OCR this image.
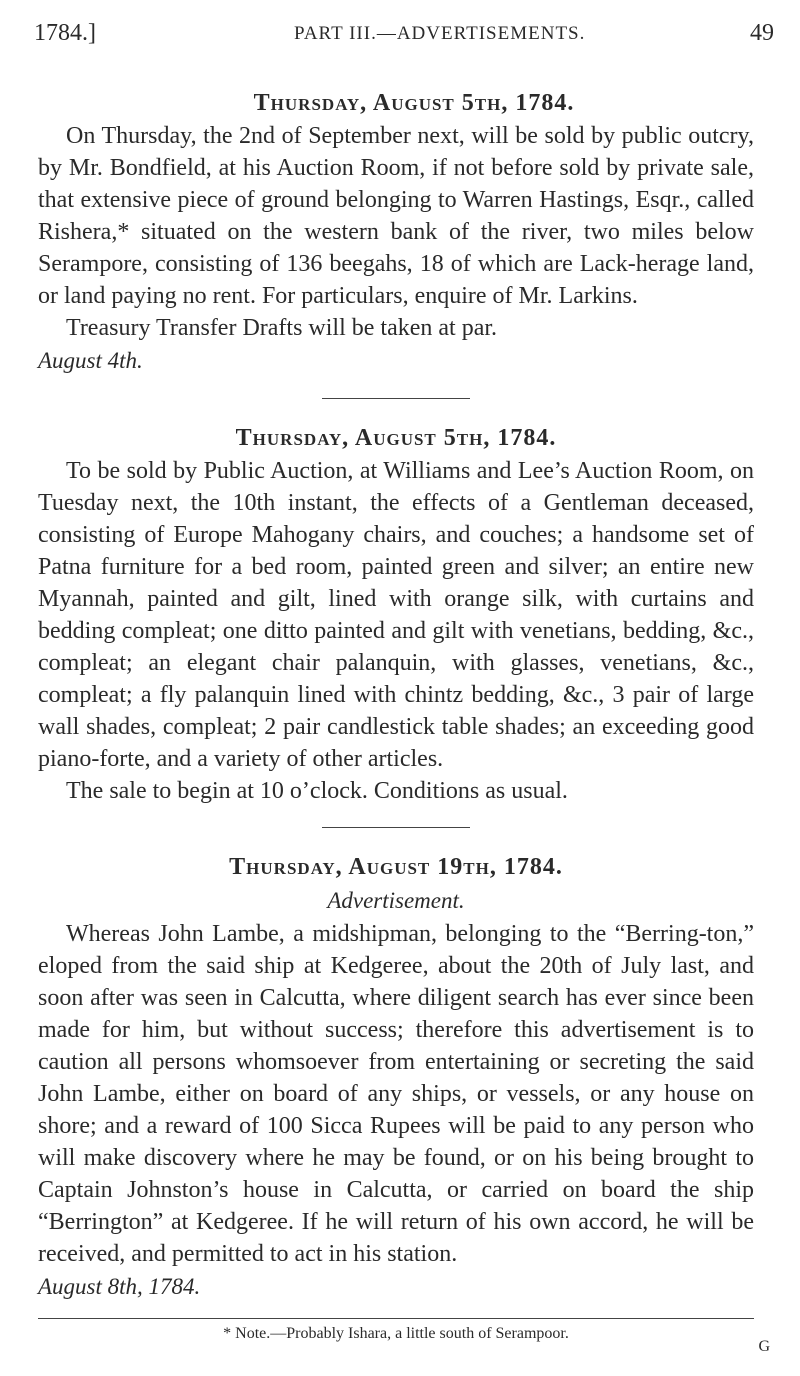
1784.]	PART III.—ADVERTISEMENTS.	49
Thursday, August 5th, 1784.

On Thursday, the 2nd of September next, will be sold by public outcry, by Mr. Bondfield, at his Auction Room, if not before sold by private sale, that extensive piece of ground belonging to Warren Hastings, Esqr., called Rishera,* situated on the western bank of the river, two miles below Serampore, consisting of 136 beegahs, 18 of which are Lack-herage land, or land paying no rent. For particulars, enquire of Mr. Larkins.

Treasury Transfer Drafts will be taken at par.

August 4th.
Thursday, August 5th, 1784.

To be sold by Public Auction, at Williams and Lee’s Auction Room, on Tuesday next, the 10th instant, the effects of a Gentleman deceased, consisting of Europe Mahogany chairs, and couches; a handsome set of Patna furniture for a bed room, painted green and silver; an entire new Myannah, painted and gilt, lined with orange silk, with curtains and bedding compleat; one ditto painted and gilt with venetians, bedding, &c., compleat; an elegant chair palanquin, with glasses, venetians, &c., compleat; a fly palanquin lined with chintz bedding, &c., 3 pair of large wall shades, compleat; 2 pair candlestick table shades; an exceeding good piano-forte, and a variety of other articles.

The sale to begin at 10 o’clock. Conditions as usual.

Thursday, August 19th, 1784.
Advertisement.

Whereas John Lambe, a midshipman, belonging to the “Berring-ton,” eloped from the said ship at Kedgeree, about the 20th of July last, and soon after was seen in Calcutta, where diligent search has ever since been made for him, but without success; therefore this advertisement is to caution all persons whomsoever from entertaining or secreting the said John Lambe, either on board of any ships, or vessels, or any house on shore; and a reward of 100 Sicca Rupees will be paid to any person who will make discovery where he may be found, or on his being brought to Captain Johnston’s house in Calcutta, or carried on board the ship “Berrington” at Kedgeree. If he will return of his own accord, he will be received, and permitted to act in his station.

August 8th, 1784.
* Note.—Probably Ishara, a little south of Serampoor.
G
